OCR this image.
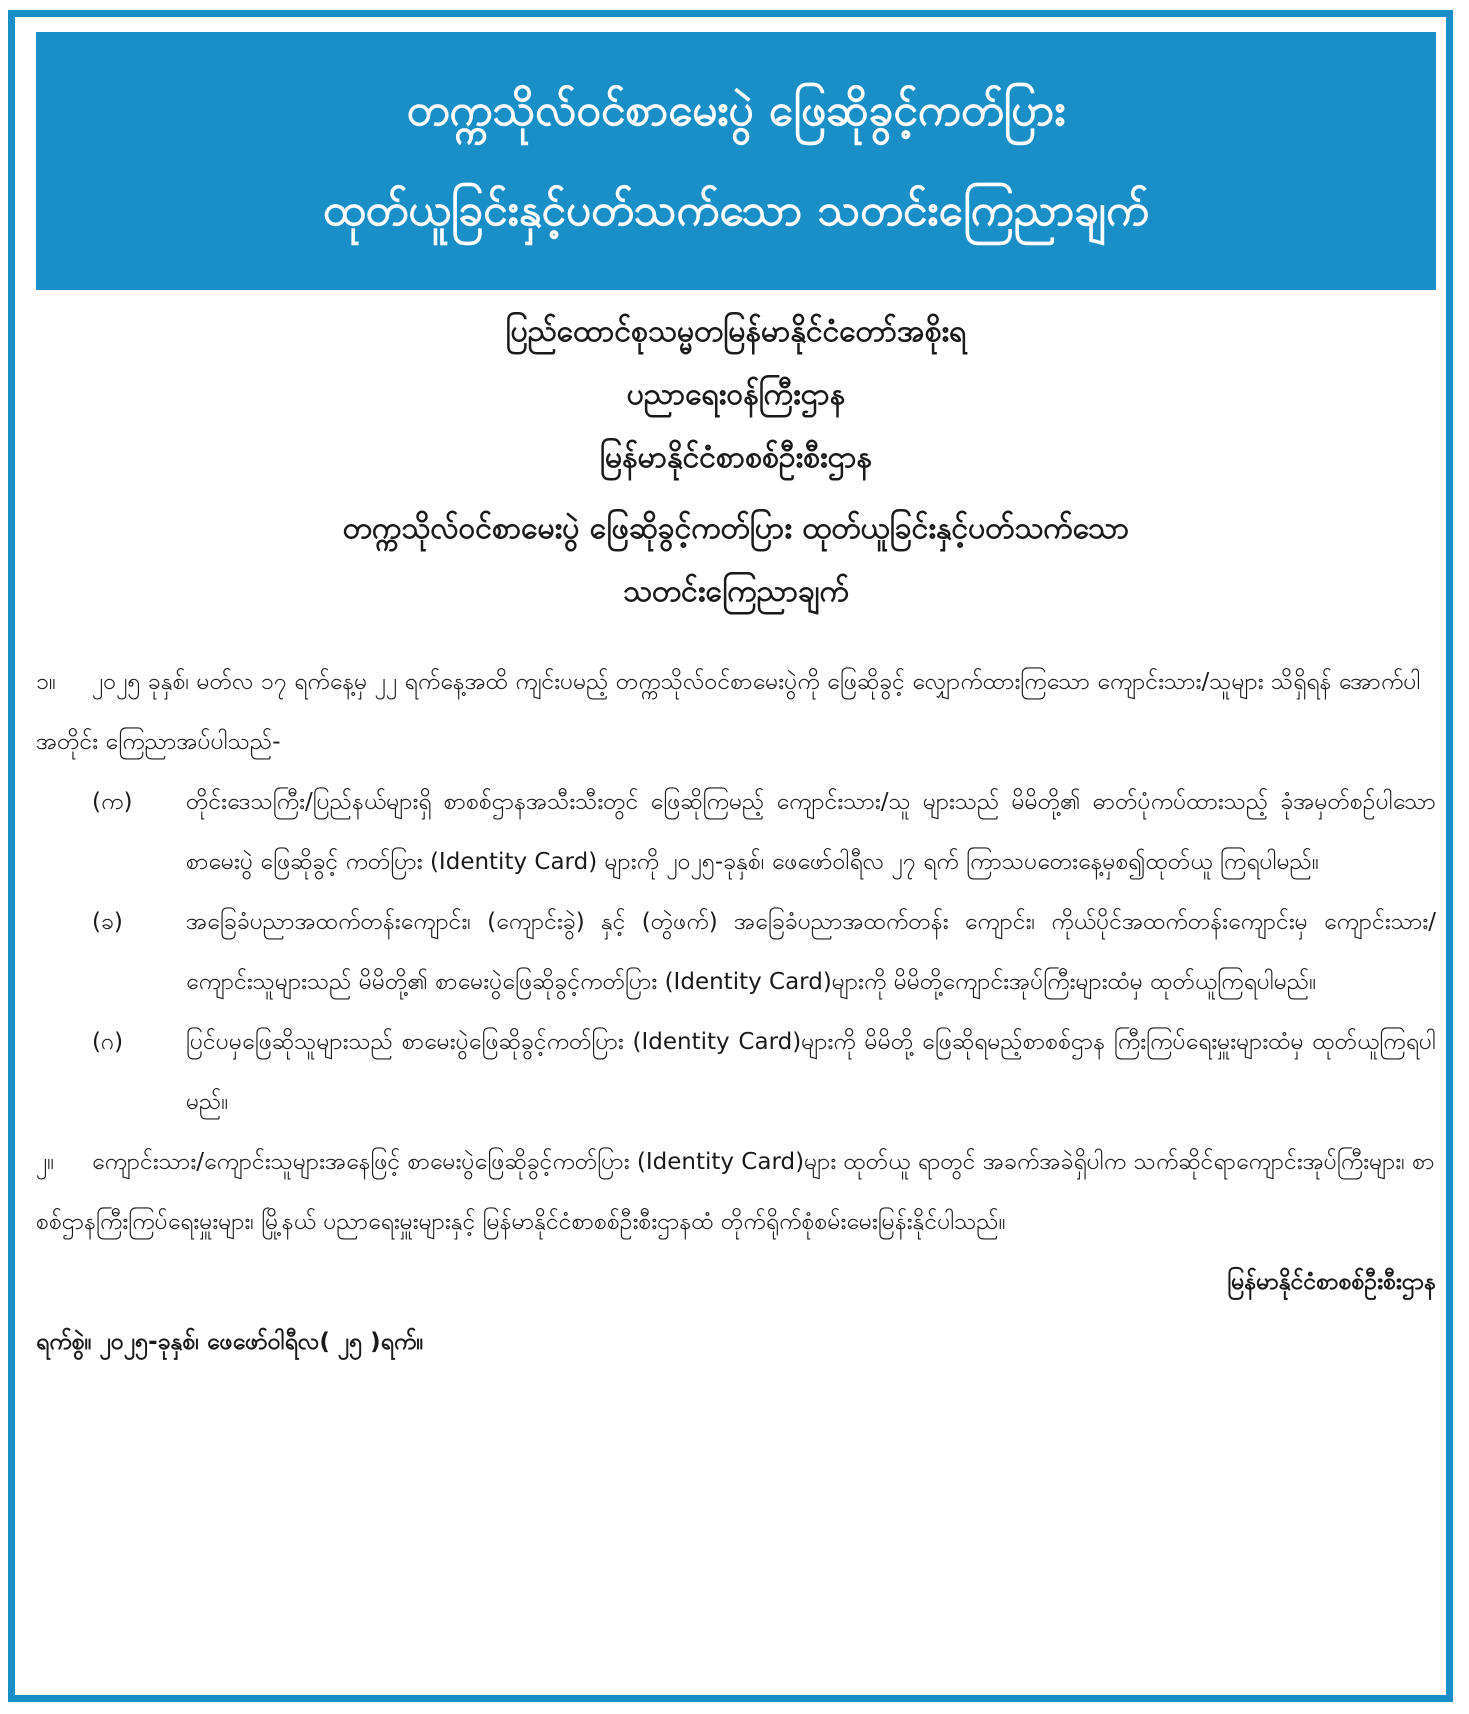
တက္ကသိုလ်ဝင်စာမေးပွဲ ဖြေဆိုခွင့်ကတ်ပြား
ထုတ်ယူခြင်းနှင့်ပတ်သက်သော သတင်းကြေညာချက်
ပြည်ထောင်စုသမ္မတမြန်မာနိုင်ငံတော်အစိုးရ
ပညာရေးဝန်ကြီးဌာန
မြန်မာနိုင်ငံစာစစ်ဦးစီးဌာန
တက္ကသိုလ်ဝင်စာမေးပွဲ ဖြေဆိုခွင့်ကတ်ပြား ထုတ်ယူခြင်းနှင့်ပတ်သက်သော
သတင်းကြေညာချက်
၁။ ၂၀၂၅ ခုနှစ်၊ မတ်လ ၁၇ ရက်နေ့မှ ၂၂ ရက်နေ့အထိ ကျင်းပမည့် တက္ကသိုလ်ဝင်စာမေးပွဲကို ဖြေဆိုခွင့် လျှောက်ထားကြသော ကျောင်းသား/သူများ သိရှိရန် အောက်ပါအတိုင်း ကြေညာအပ်ပါသည်-
(က) တိုင်းဒေသကြီး/ပြည်နယ်များရှိ စာစစ်ဌာနအသီးသီးတွင် ဖြေဆိုကြမည့် ကျောင်းသား/သူ များသည် မိမိတို့၏ ဓာတ်ပုံကပ်ထားသည့် ခုံအမှတ်စဉ်ပါသော စာမေးပွဲ ဖြေဆိုခွင့် ကတ်ပြား (Identity Card) များကို ၂၀၂၅-ခုနှစ်၊ ဖေဖော်ဝါရီလ ၂၇ ရက် ကြာသပတေးနေ့မှစ၍ထုတ်ယူ ကြရပါမည်။
(ခ)	အခြေခံပညာအထက်တန်းကျောင်း၊ (ကျောင်းခွဲ) နှင့် (တွဲဖက်) အခြေခံပညာအထက်တန်း ကျောင်း၊ ကိုယ်ပိုင်အထက်တန်းကျောင်းမှ ကျောင်းသား/ကျောင်းသူများသည် မိမိတို့၏ စာမေးပွဲဖြေဆိုခွင့်ကတ်ပြား (Identity Card)များကို မိမိတို့ကျောင်းအုပ်ကြီးများထံမှ ထုတ်ယူကြရပါမည်။
(ဂ)	ပြင်ပမှဖြေဆိုသူများသည် စာမေးပွဲဖြေဆိုခွင့်ကတ်ပြား (Identity Card)များကို မိမိတို့ ဖြေဆိုရမည့်စာစစ်ဌာန ကြီးကြပ်ရေးမှူးများထံမှ ထုတ်ယူကြရပါမည်။
၂။ ကျောင်းသား/ကျောင်းသူများအနေဖြင့် စာမေးပွဲဖြေဆိုခွင့်ကတ်ပြား (Identity Card)များ ထုတ်ယူ ရာတွင် အခက်အခဲရှိပါက သက်ဆိုင်ရာကျောင်းအုပ်ကြီးများ၊ စာစစ်ဌာနကြီးကြပ်ရေးမှူးများ၊ မြို့နယ် ပညာရေးမှူးများနှင့် မြန်မာနိုင်ငံစာစစ်ဦးစီးဌာနထံ တိုက်ရိုက်စုံစမ်းမေးမြန်းနိုင်ပါသည်။
မြန်မာနိုင်ငံစာစစ်ဦးစီးဌာန
ရက်စွဲ။ ၂၀၂၅-ခုနှစ်၊ ဖေဖော်ဝါရီလ( ၂၅ )ရက်။
